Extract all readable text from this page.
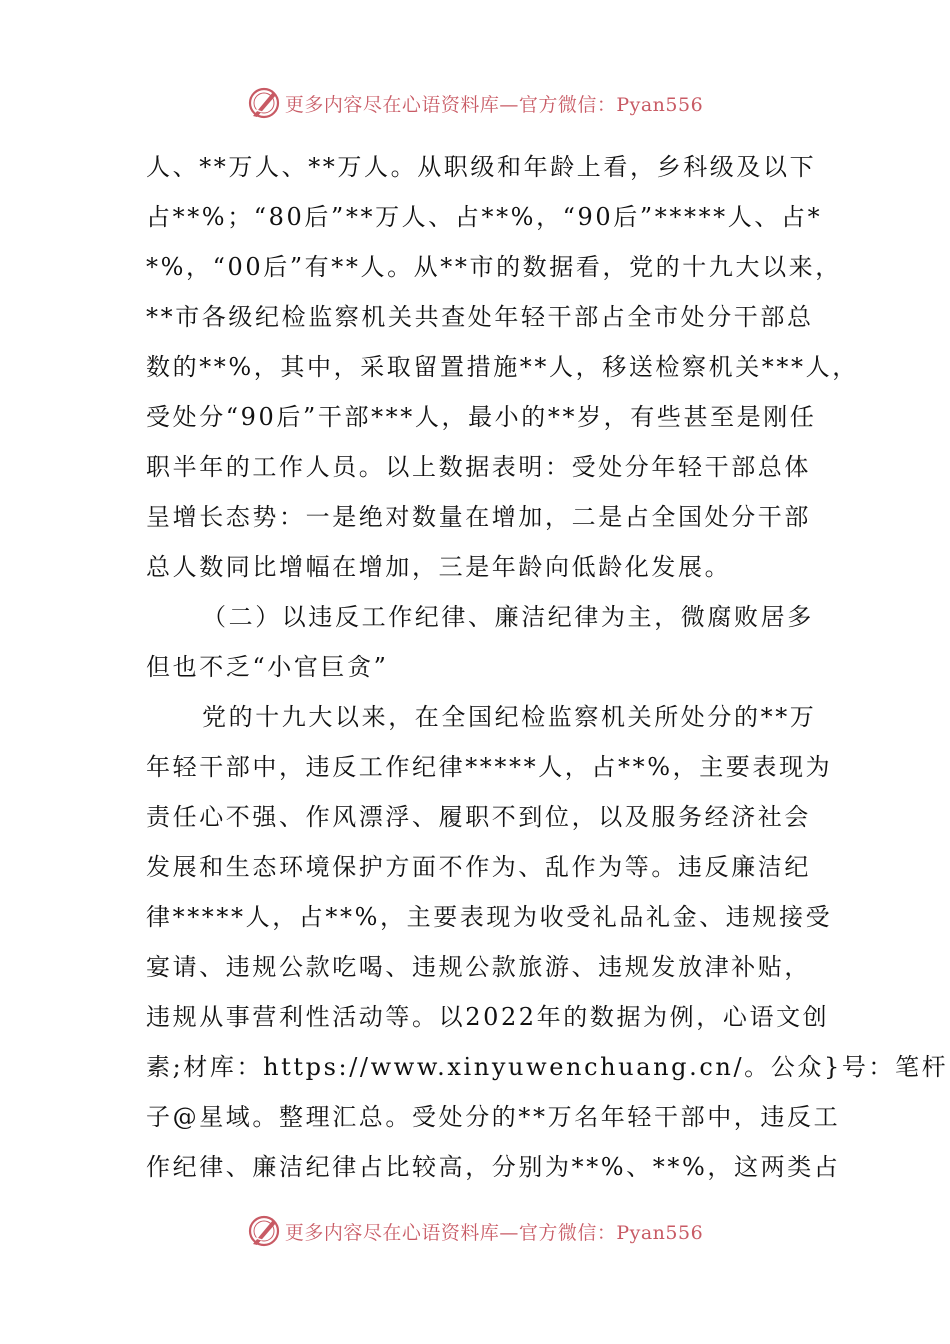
更多内容尽在心语资料库—官方微信：Pyan556
人、**万人、**万人。从职级和年龄上看，乡科级及以下
占**%；“80后”**万人、占**%，“90后”*****人、占*
*%，“00后”有**人。从**市的数据看，党的十九大以来，
**市各级纪检监察机关共查处年轻干部占全市处分干部总
数的**%，其中，采取留置措施**人，移送检察机关***人，
受处分“90后”干部***人，最小的**岁，有些甚至是刚任
职半年的工作人员。以上数据表明：受处分年轻干部总体
呈增长态势：一是绝对数量在增加，二是占全国处分干部
总人数同比增幅在增加，三是年龄向低龄化发展。
（二）以违反工作纪律、廉洁纪律为主，微腐败居多
但也不乏“小官巨贪”
党的十九大以来，在全国纪检监察机关所处分的**万
年轻干部中，违反工作纪律*****人，占**%，主要表现为
责任心不强、作风漂浮、履职不到位，以及服务经济社会
发展和生态环境保护方面不作为、乱作为等。违反廉洁纪
律*****人，占**%，主要表现为收受礼品礼金、违规接受
宴请、违规公款吃喝、违规公款旅游、违规发放津补贴，
违规从事营利性活动等。以2022年的数据为例，心语文创
素;材库：https://www.xinyuwenchuang.cn/。公众}号：笔杆
子@星域。整理汇总。受处分的**万名年轻干部中，违反工
作纪律、廉洁纪律占比较高，分别为**%、**%，这两类占
更多内容尽在心语资料库—官方微信：Pyan556
